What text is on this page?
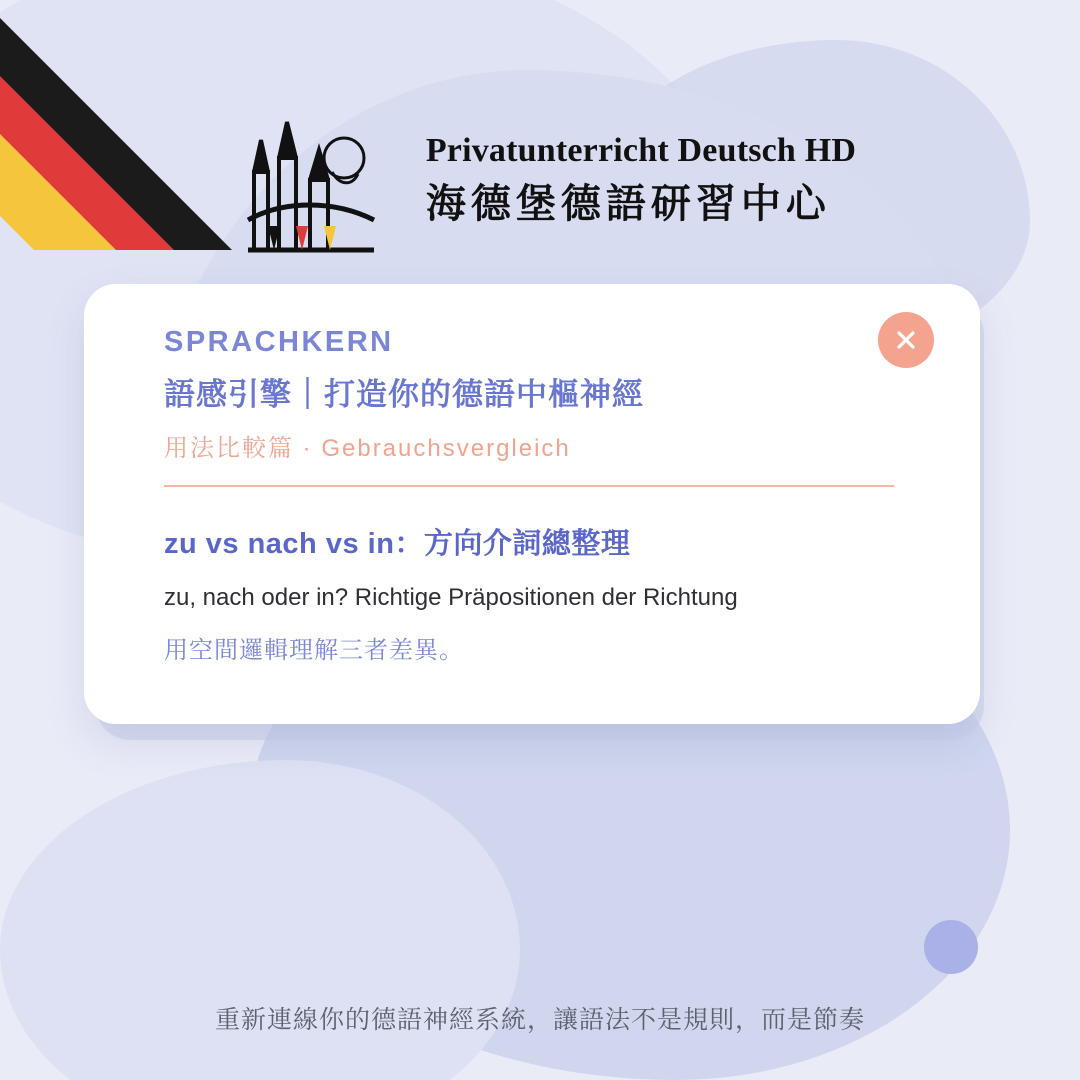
Privatunterricht Deutsch HD
海德堡德語研習中心
SPRACHKERN
語感引擎｜打造你的德語中樞神經
用法比較篇 · Gebrauchsvergleich
zu vs nach vs in：方向介詞總整理
zu, nach oder in? Richtige Präpositionen der Richtung
用空間邏輯理解三者差異。
重新連線你的德語神經系統，讓語法不是規則，而是節奏
